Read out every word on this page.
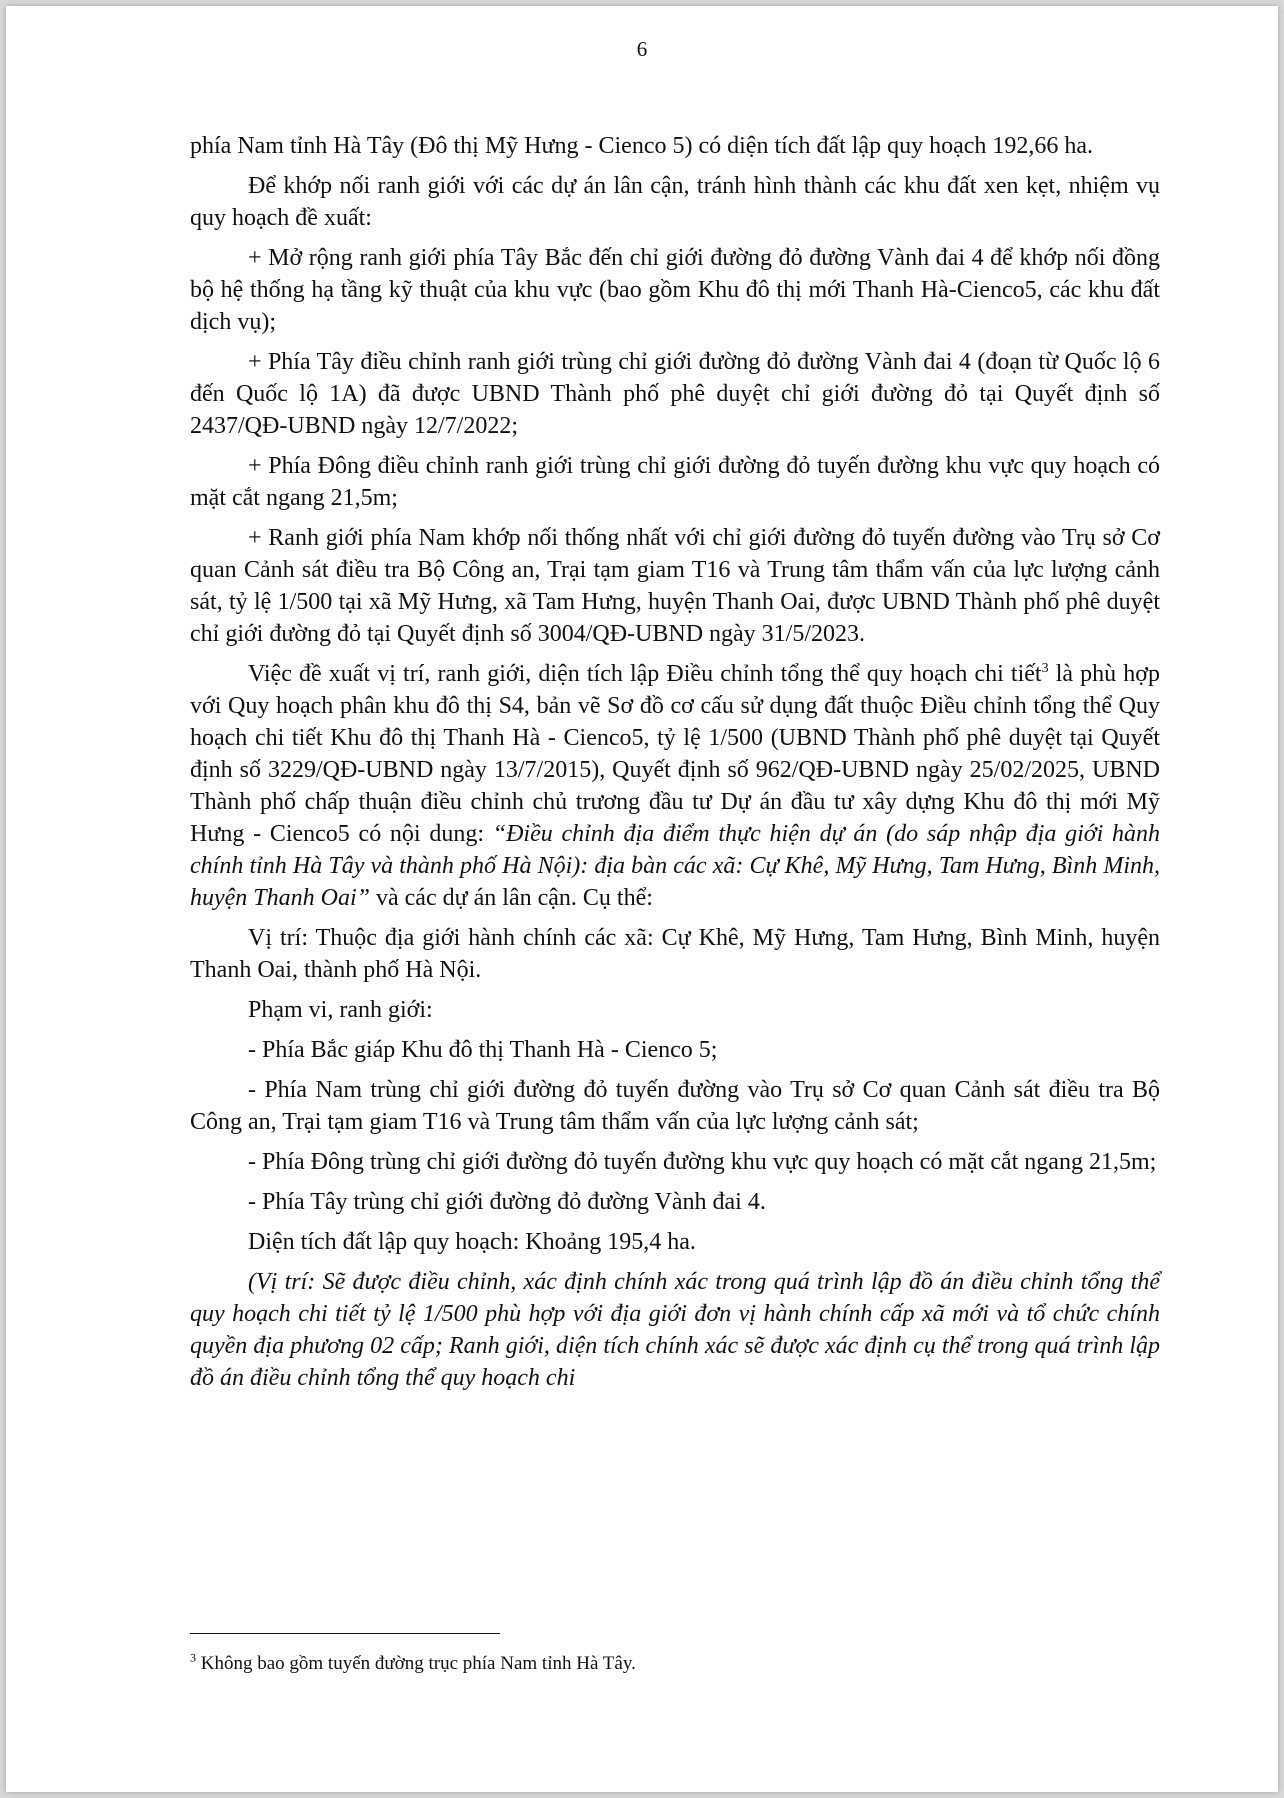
6

phía Nam tỉnh Hà Tây (Đô thị Mỹ Hưng - Cienco 5) có diện tích đất lập quy hoạch 192,66 ha.

Để khớp nối ranh giới với các dự án lân cận, tránh hình thành các khu đất xen kẹt, nhiệm vụ quy hoạch đề xuất:

+ Mở rộng ranh giới phía Tây Bắc đến chỉ giới đường đỏ đường Vành đai 4 để khớp nối đồng bộ hệ thống hạ tầng kỹ thuật của khu vực (bao gồm Khu đô thị mới Thanh Hà-Cienco5, các khu đất dịch vụ);

+ Phía Tây điều chỉnh ranh giới trùng chỉ giới đường đỏ đường Vành đai 4 (đoạn từ Quốc lộ 6 đến Quốc lộ 1A) đã được UBND Thành phố phê duyệt chỉ giới đường đỏ tại Quyết định số 2437/QĐ-UBND ngày 12/7/2022;

+ Phía Đông điều chỉnh ranh giới trùng chỉ giới đường đỏ tuyến đường khu vực quy hoạch có mặt cắt ngang 21,5m;

+ Ranh giới phía Nam khớp nối thống nhất với chỉ giới đường đỏ tuyến đường vào Trụ sở Cơ quan Cảnh sát điều tra Bộ Công an, Trại tạm giam T16 và Trung tâm thẩm vấn của lực lượng cảnh sát, tỷ lệ 1/500 tại xã Mỹ Hưng, xã Tam Hưng, huyện Thanh Oai, được UBND Thành phố phê duyệt chỉ giới đường đỏ tại Quyết định số 3004/QĐ-UBND ngày 31/5/2023.

Việc đề xuất vị trí, ranh giới, diện tích lập Điều chỉnh tổng thể quy hoạch chi tiết$^3$ là phù hợp với Quy hoạch phân khu đô thị S4, bản vẽ Sơ đồ cơ cấu sử dụng đất thuộc Điều chỉnh tổng thể Quy hoạch chi tiết Khu đô thị Thanh Hà - Cienco5, tỷ lệ 1/500 (UBND Thành phố phê duyệt tại Quyết định số 3229/QĐ-UBND ngày 13/7/2015), Quyết định số 962/QĐ-UBND ngày 25/02/2025, UBND Thành phố chấp thuận điều chỉnh chủ trương đầu tư Dự án đầu tư xây dựng Khu đô thị mới Mỹ Hưng - Cienco5 có nội dung: “Điều chỉnh địa điểm thực hiện dự án (do sáp nhập địa giới hành chính tỉnh Hà Tây và thành phố Hà Nội): địa bàn các xã: Cự Khê, Mỹ Hưng, Tam Hưng, Bình Minh, huyện Thanh Oai” và các dự án lân cận. Cụ thể:

Vị trí: Thuộc địa giới hành chính các xã: Cự Khê, Mỹ Hưng, Tam Hưng, Bình Minh, huyện Thanh Oai, thành phố Hà Nội.

Phạm vi, ranh giới:

- Phía Bắc giáp Khu đô thị Thanh Hà - Cienco 5;

- Phía Nam trùng chỉ giới đường đỏ tuyến đường vào Trụ sở Cơ quan Cảnh sát điều tra Bộ Công an, Trại tạm giam T16 và Trung tâm thẩm vấn của lực lượng cảnh sát;

- Phía Đông trùng chỉ giới đường đỏ tuyến đường khu vực quy hoạch có mặt cắt ngang 21,5m;

- Phía Tây trùng chỉ giới đường đỏ đường Vành đai 4.

Diện tích đất lập quy hoạch: Khoảng 195,4 ha.

(Vị trí: Sẽ được điều chỉnh, xác định chính xác trong quá trình lập đồ án điều chỉnh tổng thể quy hoạch chi tiết tỷ lệ 1/500 phù hợp với địa giới đơn vị hành chính cấp xã mới và tổ chức chính quyền địa phương 02 cấp; Ranh giới, diện tích chính xác sẽ được xác định cụ thể trong quá trình lập đồ án điều chỉnh tổng thể quy hoạch chi

$^3$ Không bao gồm tuyến đường trục phía Nam tỉnh Hà Tây.
